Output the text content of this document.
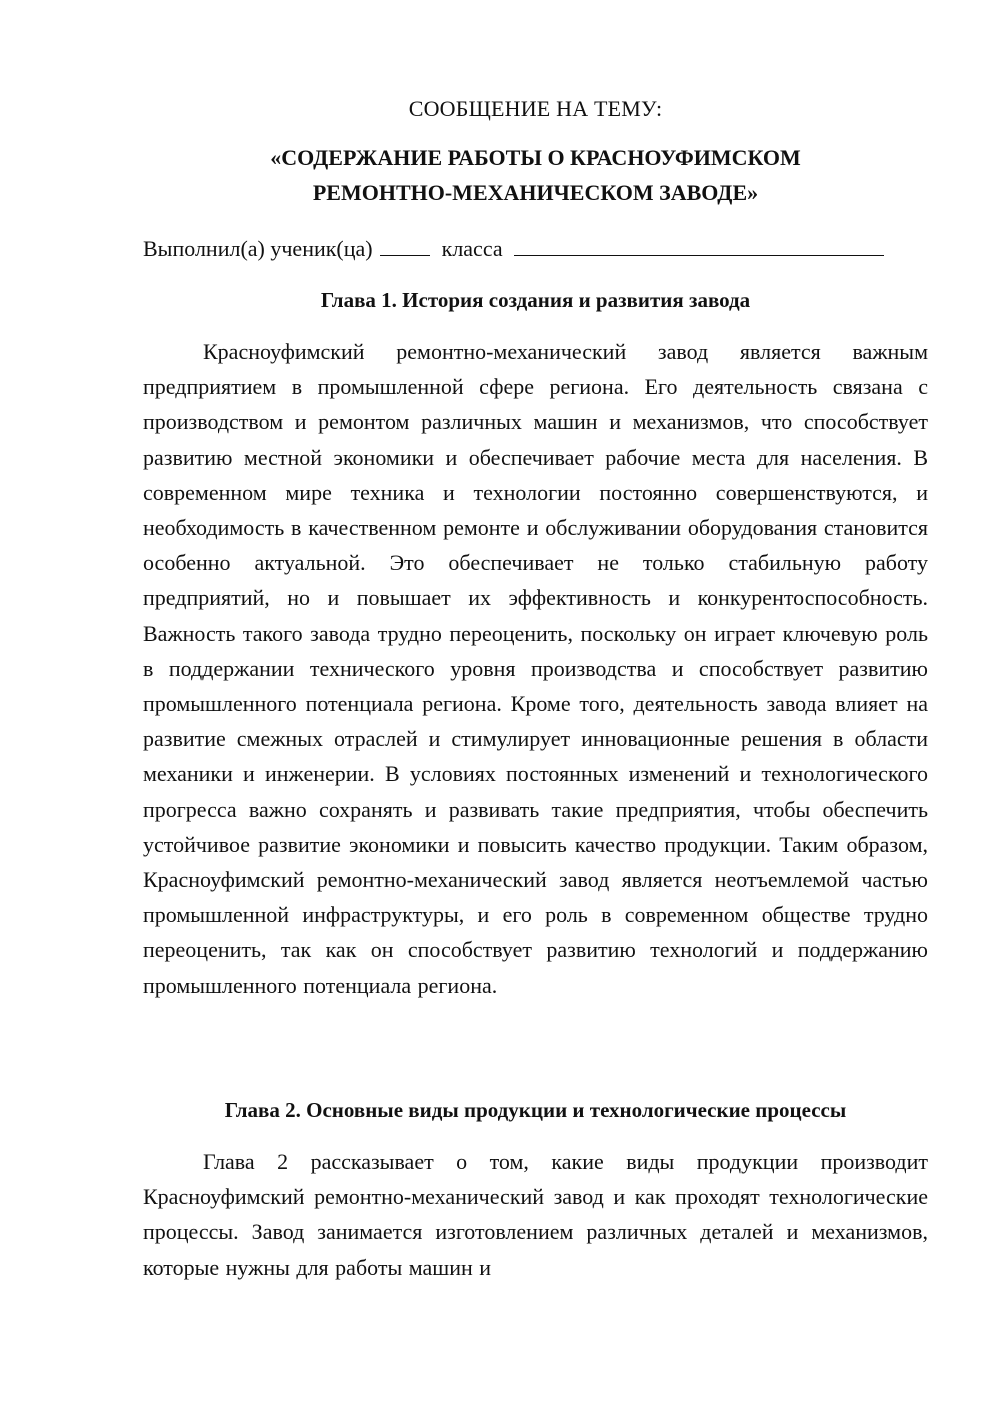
СООБЩЕНИЕ НА ТЕМУ:
«СОДЕРЖАНИЕ РАБОТЫ О КРАСНОУФИМСКОМ
РЕМОНТНО-МЕХАНИЧЕСКОМ ЗАВОДЕ»
Выполнил(а) ученик(ца)	класса
Глава 1. История создания и развития завода
Красноуфимский ремонтно-механический завод является важным предприятием в промышленной сфере региона. Его деятельность связана с производством и ремонтом различных машин и механизмов, что способствует развитию местной экономики и обеспечивает рабочие места для населения. В современном мире техника и технологии постоянно совершенствуются, и необходимость в качественном ремонте и обслуживании оборудования становится особенно актуальной. Это обеспечивает не только стабильную работу предприятий, но и повышает их эффективность и конкурентоспособность. Важность такого завода трудно переоценить, поскольку он играет ключевую роль в поддержании технического уровня производства и способствует развитию промышленного потенциала региона. Кроме того, деятельность завода влияет на развитие смежных отраслей и стимулирует инновационные решения в области механики и инженерии. В условиях постоянных изменений и технологического прогресса важно сохранять и развивать такие предприятия, чтобы обеспечить устойчивое развитие экономики и повысить качество продукции. Таким образом, Красноуфимский ремонтно-механический завод является неотъемлемой частью промышленной инфраструктуры, и его роль в современном обществе трудно переоценить, так как он способствует развитию технологий и поддержанию промышленного потенциала региона.
Глава 2. Основные виды продукции и технологические процессы
Глава 2 рассказывает о том, какие виды продукции производит Красноуфимский ремонтно-механический завод и как проходят технологические процессы. Завод занимается изготовлением различных деталей и механизмов, которые нужны для работы машин и
